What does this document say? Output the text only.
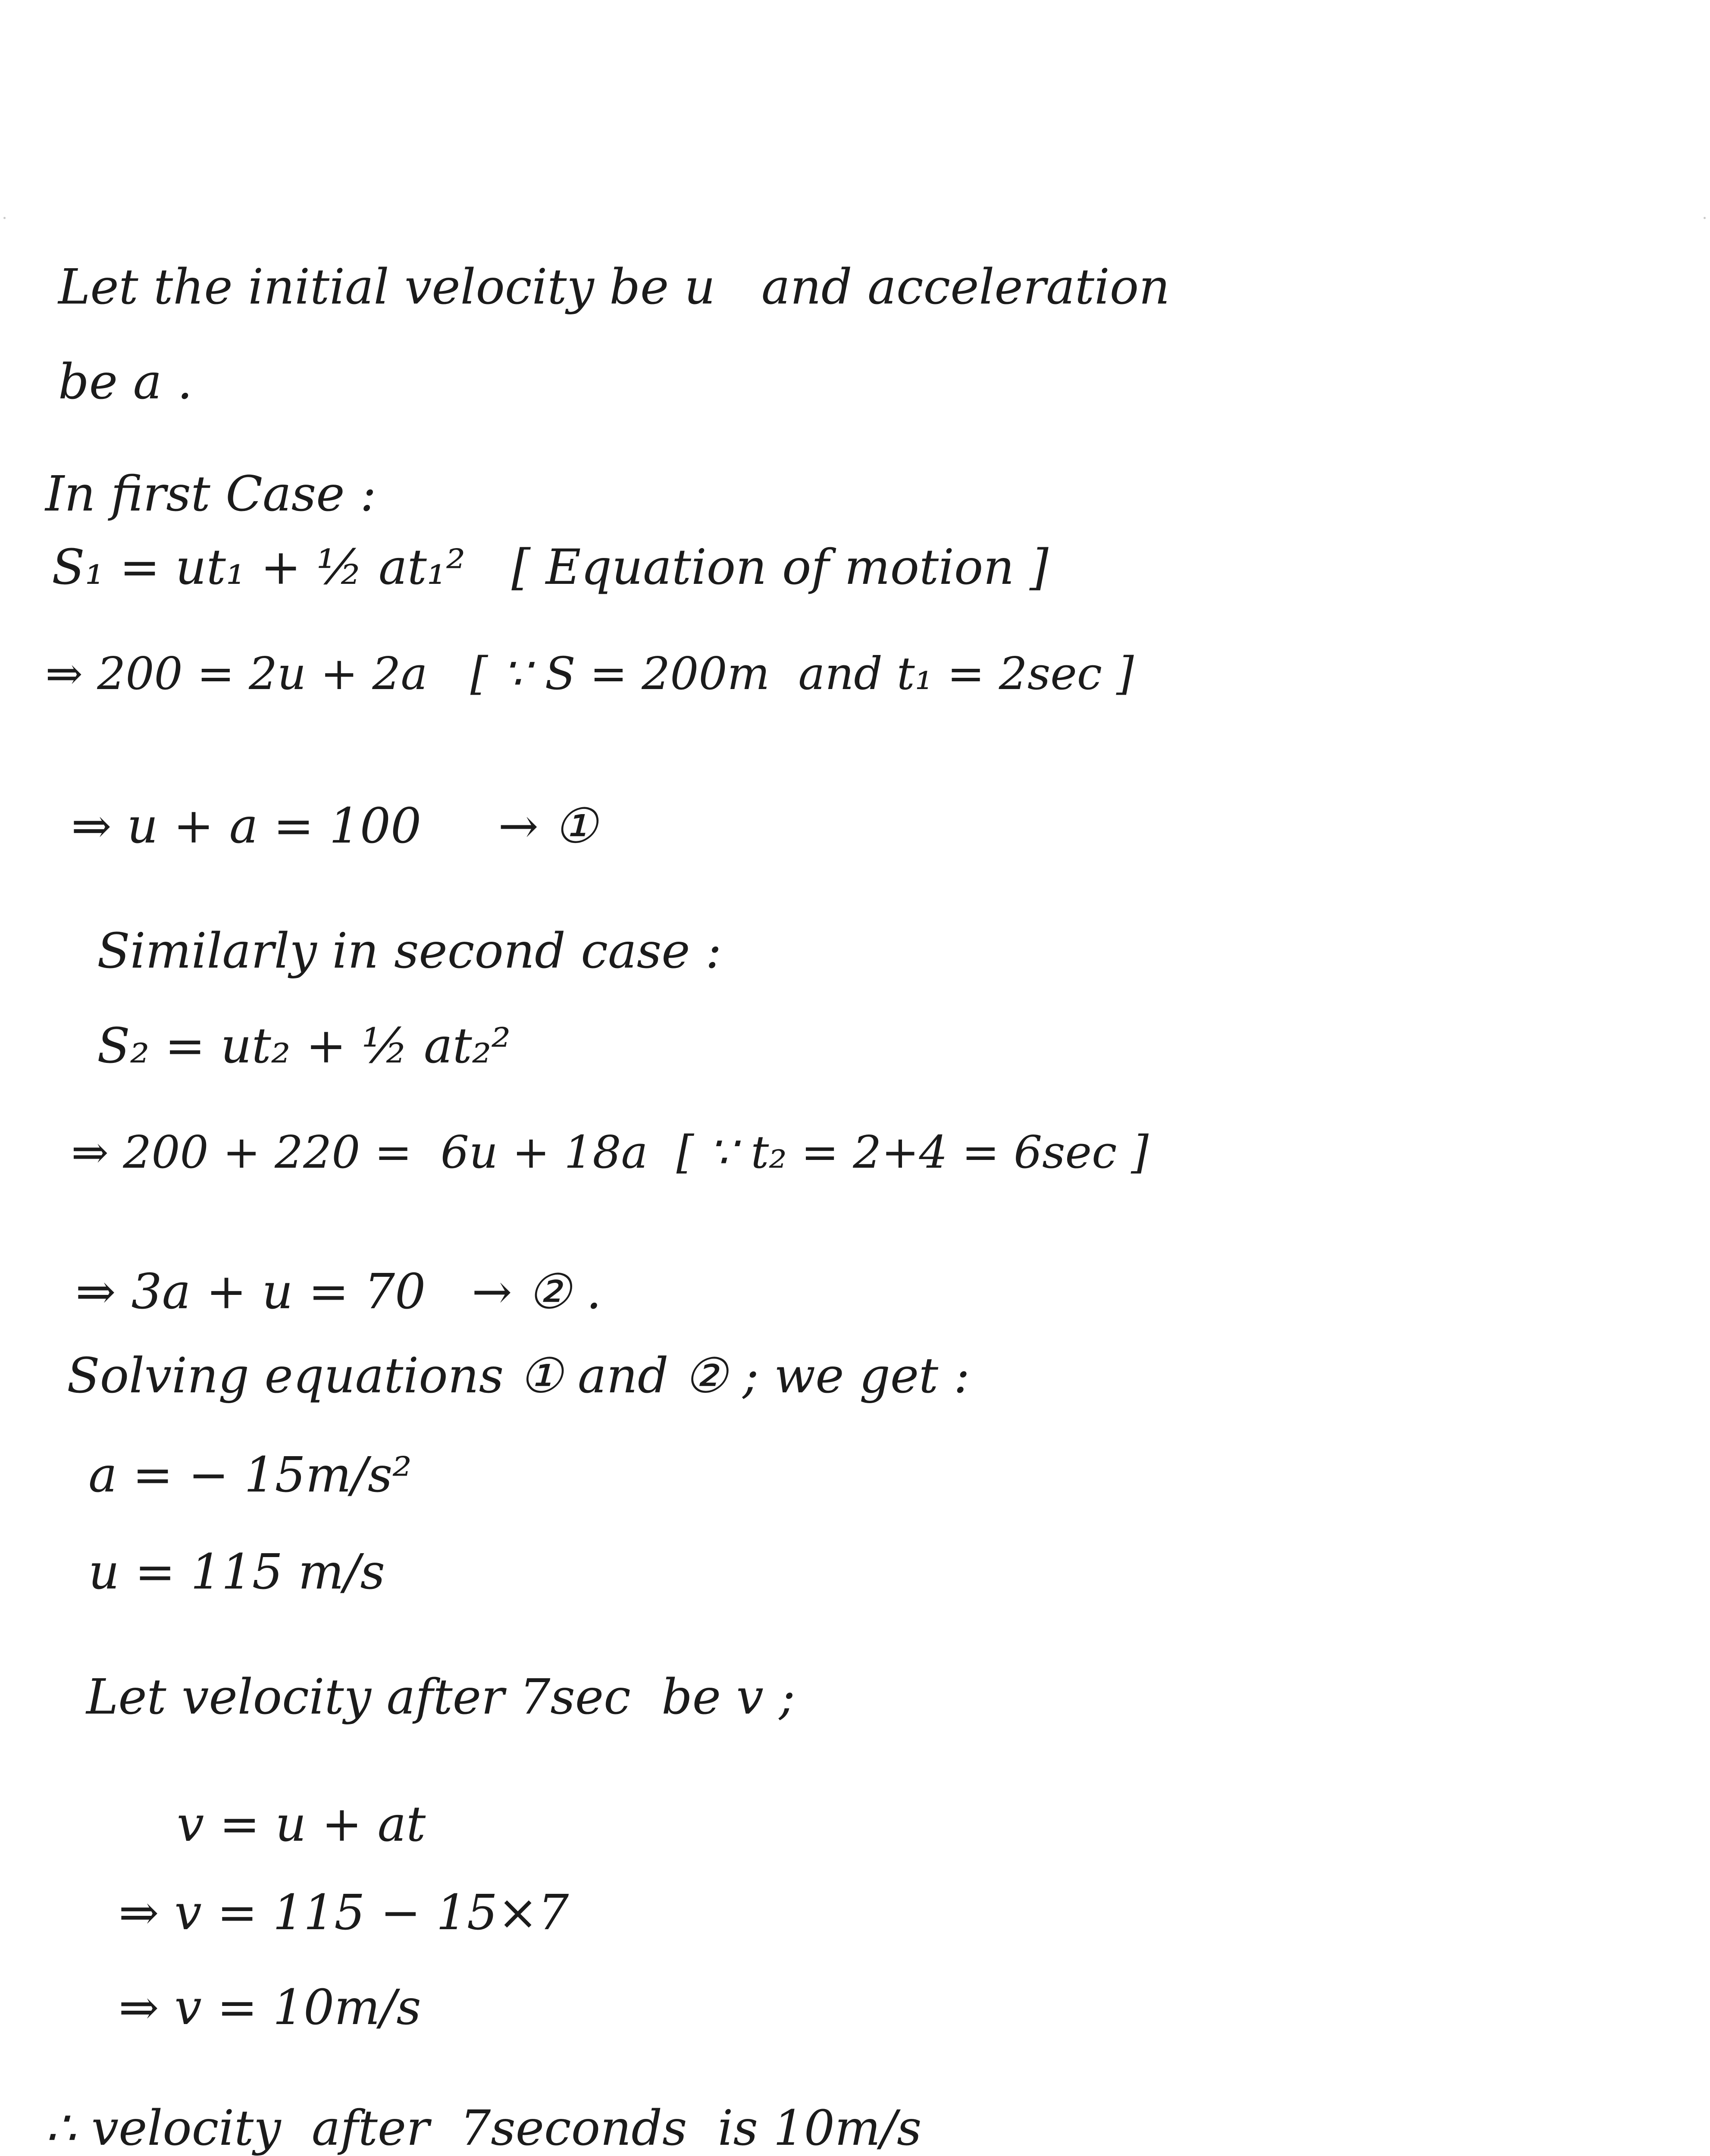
Let the initial velocity be u   and acceleration
be a .
In first Case :
S₁ = ut₁ + ½ at₁²   [ Equation of motion ]
⇒ 200 = 2u + 2a   [ ∵ S = 200m  and t₁ = 2sec ]
⇒ u + a = 100     → ①
Similarly in second case :
S₂ = ut₂ + ½ at₂²
⇒ 200 + 220 =  6u + 18a  [ ∵ t₂ = 2+4 = 6sec ]
⇒ 3a + u = 70   → ② .
Solving equations ① and ② ; we get :
a = − 15m/s²
u = 115 m/s
Let velocity after 7sec  be v ;
v = u + at
⇒ v = 115 − 15×7
⇒ v = 10m/s
∴ velocity  after  7seconds  is 10m/s
